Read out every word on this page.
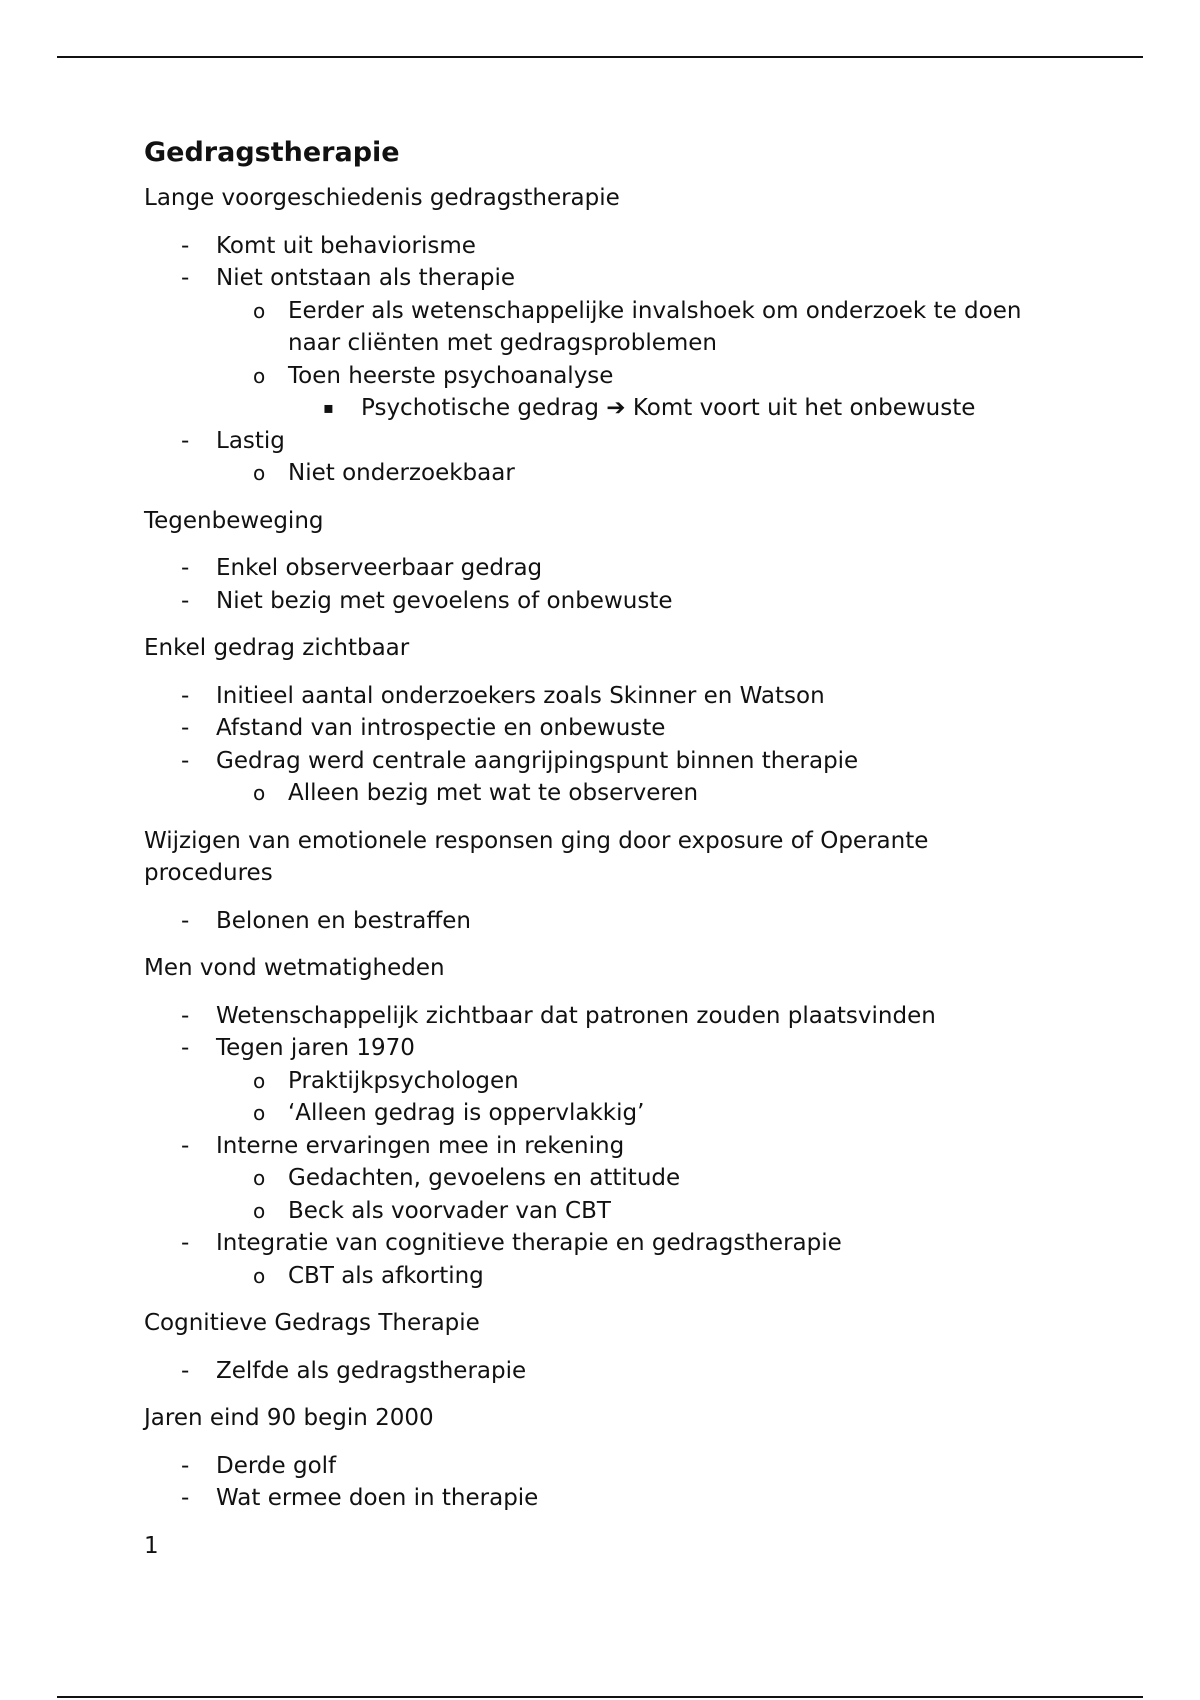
Gedragstherapie

Lange voorgeschiedenis gedragstherapie

-	Komt uit behaviorisme
-	Niet ontstaan als therapie
o Eerder als wetenschappelijke invalshoek om onderzoek te doen naar cliënten met gedragsproblemen
o Toen heerste psychoanalyse
▪	Psychotische gedrag ➔ Komt voort uit het onbewuste
-	Lastig
o Niet onderzoekbaar

Tegenbeweging

-	Enkel observeerbaar gedrag
-	Niet bezig met gevoelens of onbewuste

Enkel gedrag zichtbaar

-	Initieel aantal onderzoekers zoals Skinner en Watson
-	Afstand van introspectie en onbewuste
-	Gedrag werd centrale aangrijpingspunt binnen therapie
o Alleen bezig met wat te observeren

Wijzigen van emotionele responsen ging door exposure of Operante procedures

-	Belonen en bestraffen

Men vond wetmatigheden

-	Wetenschappelijk zichtbaar dat patronen zouden plaatsvinden
-	Tegen jaren 1970
o Praktijkpsychologen
o ‘Alleen gedrag is oppervlakkig’
-	Interne ervaringen mee in rekening
o Gedachten, gevoelens en attitude
o Beck als voorvader van CBT
-	Integratie van cognitieve therapie en gedragstherapie
o CBT als afkorting

Cognitieve Gedrags Therapie

-	Zelfde als gedragstherapie

Jaren eind 90 begin 2000

-	Derde golf
-	Wat ermee doen in therapie
1
